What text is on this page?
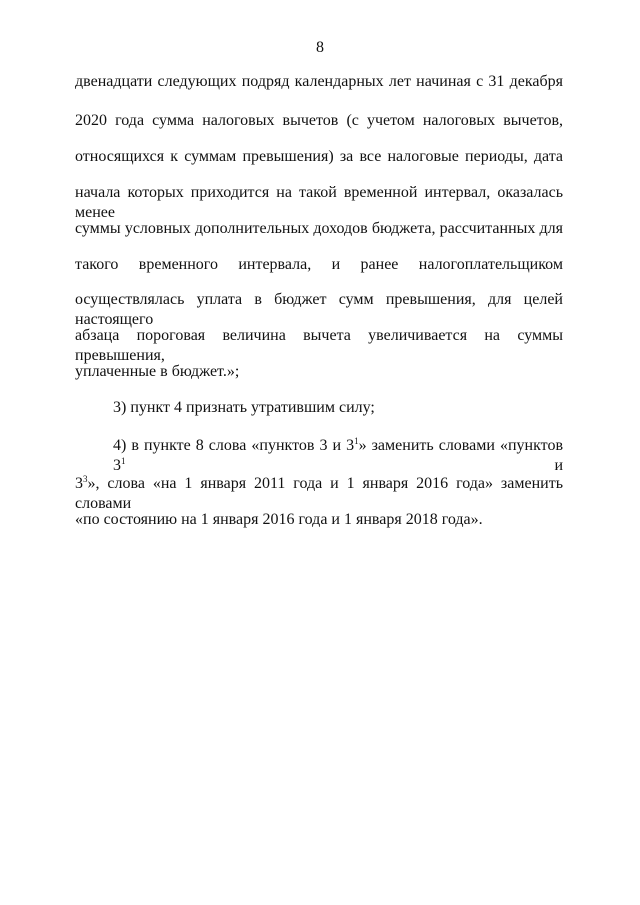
8
двенадцати следующих подряд календарных лет начиная с 31 декабря
2020 года сумма налоговых вычетов (с учетом налоговых вычетов,
относящихся к суммам превышения) за все налоговые периоды, дата
начала которых приходится на такой временной интервал, оказалась менее
суммы условных дополнительных доходов бюджета, рассчитанных для
такого временного интервала, и ранее налогоплательщиком
осуществлялась уплата в бюджет сумм превышения, для целей настоящего
абзаца пороговая величина вычета увеличивается на суммы превышения,
уплаченные в бюджет.»;
3) пункт 4 признать утратившим силу;
4) в пункте 8 слова «пунктов 3 и $3^1$» заменить словами «пунктов $3^1$ и
$3^3$», слова «на 1 января 2011 года и 1 января 2016 года» заменить словами
«по состоянию на 1 января 2016 года и 1 января 2018 года».
